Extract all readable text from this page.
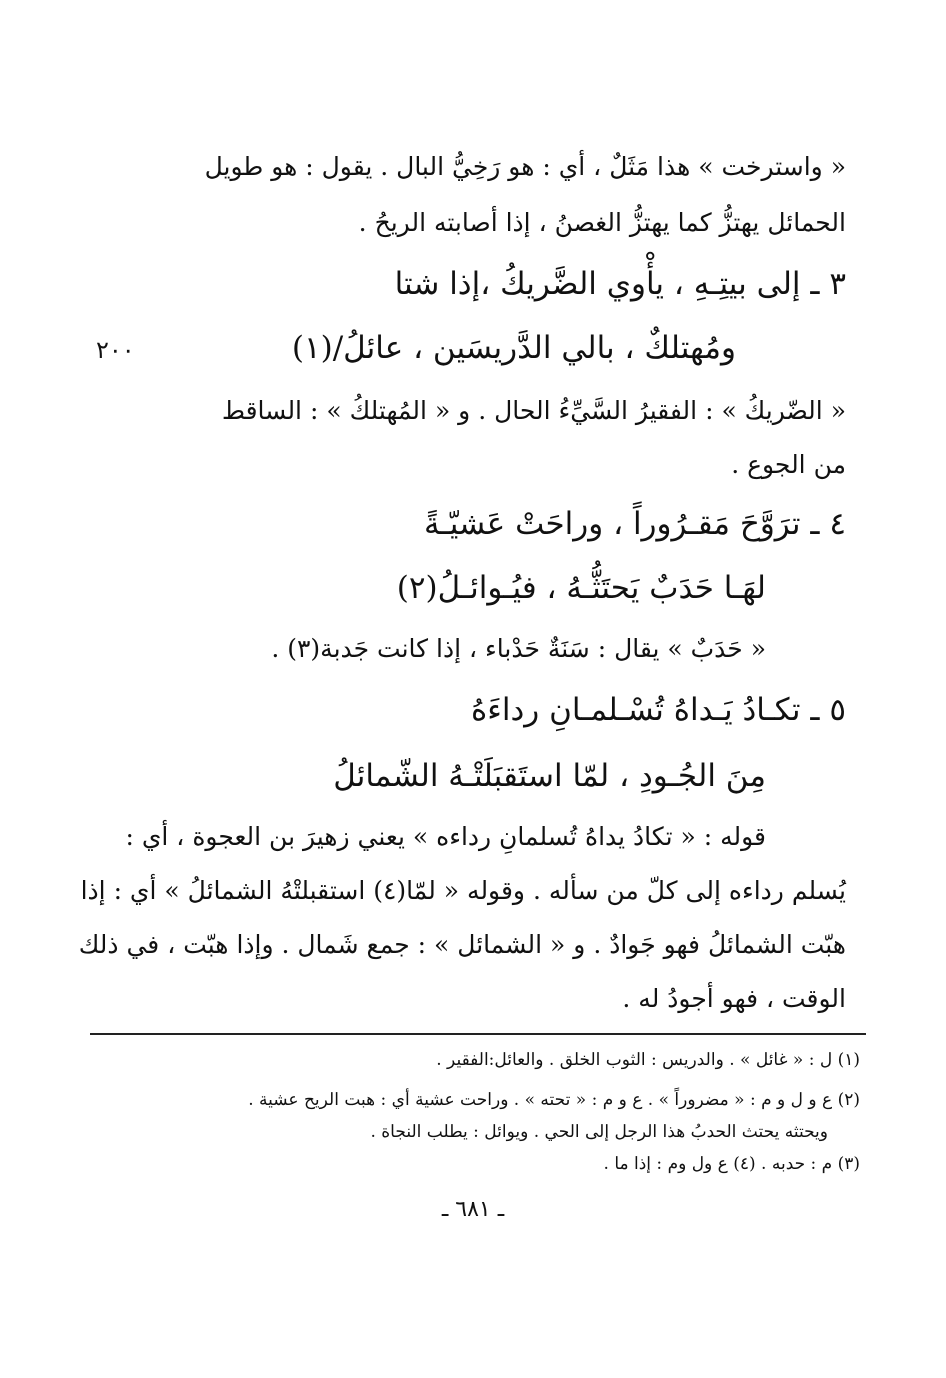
« واسترخت » هذا مَثَلٌ ، أي : هو رَخِيُّ البال . يقول : هو طويل
الحمائل يهتزُّ كما يهتزُّ الغصنُ ، إذا أصابته الريحُ .
٣ ـ إلى بيتِـهِ ، يأْوي الضَّريكُ ،إذا شتا
ومُهتلكٌ ، بالي الدَّريسَين ، عائلُ/(١)
٢٠٠
« الضّريكُ » : الفقيرُ السَّيِّءُ الحال . و « المُهتلكُ » : الساقط
من الجوع .
٤ ـ ترَوَّحَ مَقـرُوراً ، وراحَتْ عَشيّـةً
لهَـا حَدَبٌ يَحتَثُّـهُ ، فيُـوائـلُ(٢)
« حَدَبٌ » يقال : سَنَةٌ حَدْباء ، إذا كانت جَدبة(٣) .
٥ ـ تكـادُ يَـداهُ تُسْـلمـانِ رداءَهُ
مِنَ الجُـودِ ، لمّا استَقبَلَتْـهُ الشّمائلُ
قوله : « تكادُ يداهُ تُسلمانِ رداءه » يعني زهيرَ بن العجوة ، أي :
يُسلم رداءه إلى كلّ من سأله . وقوله « لمّا(٤) استقبلتْهُ الشمائلُ » أي : إذا
هبّت الشمائلُ فهو جَوادٌ . و « الشمائل » : جمع شَمال . وإذا هبّت ، في ذلك
الوقت ، فهو أجودُ له .
(١) ل : « غائل » . والدريس : الثوب الخلق . والعائل:الفقير .
(٢) ع و ل و م : « مضروراً » . ع و م : « تحته » . وراحت عشية أي : هبت الريح عشية .
ويحتثه يحتث الحدبُ هذا الرجل إلى الحي . ويوائل : يطلب النجاة .
(٣) م : حدبه . (٤) ع ول وم : إذا ما .
ـ ٦٨١ ـ
